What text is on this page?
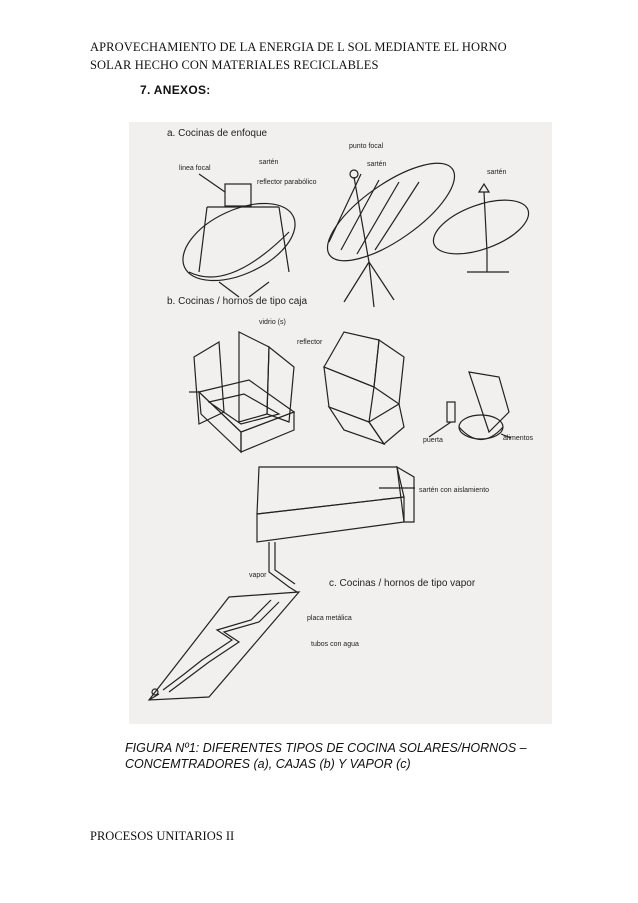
APROVECHAMIENTO DE LA ENERGIA DE L SOL MEDIANTE EL HORNO
SOLAR HECHO CON MATERIALES RECICLABLES
7. ANEXOS:
a. Cocinas de enfoque
linea focal
sartén
reflector parabólico
punto focal
sartén
sartén
b. Cocinas / hornos de tipo caja
vidrio (s)
reflector
puerta	alimentos
sartén con aislamiento
vapor
c. Cocinas / hornos de tipo vapor
placa metálica
tubos con agua
FIGURA Nº1: DIFERENTES TIPOS DE COCINA SOLARES/HORNOS –
CONCEMTRADORES (a), CAJAS (b) Y VAPOR (c)
PROCESOS UNITARIOS II
